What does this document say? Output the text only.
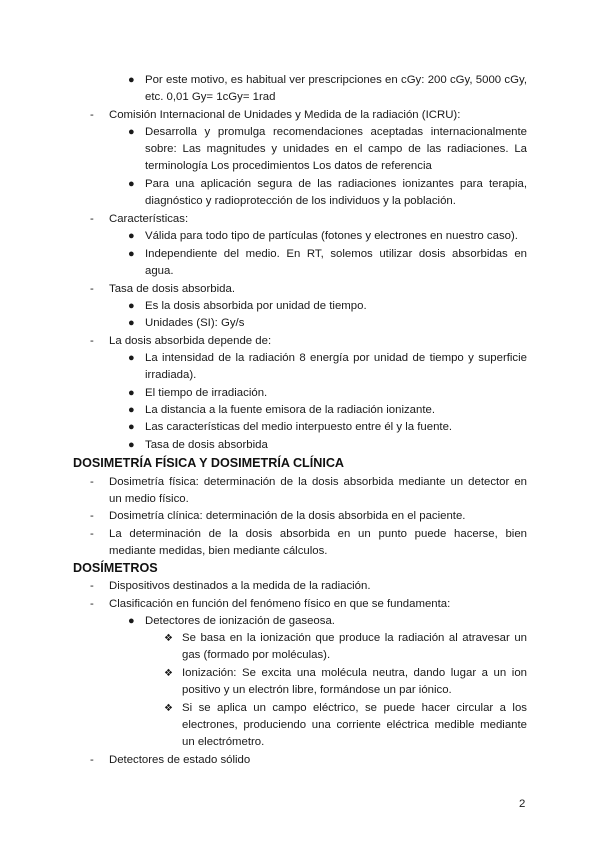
● Por este motivo, es habitual ver prescripciones en cGy: 200 cGy, 5000 cGy,
etc. 0,01 Gy= 1cGy= 1rad
- Comisión Internacional de Unidades y Medida de la radiación (ICRU):
● Desarrolla y promulga recomendaciones aceptadas internacionalmente
sobre: Las magnitudes y unidades en el campo de las radiaciones. La
terminología Los procedimientos Los datos de referencia
● Para una aplicación segura de las radiaciones ionizantes para terapia,
diagnóstico y radioprotección de los individuos y la población.
- Características:
● Válida para todo tipo de partículas (fotones y electrones en nuestro caso).
● Independiente del medio. En RT, solemos utilizar dosis absorbidas en
agua.
- Tasa de dosis absorbida.
● Es la dosis absorbida por unidad de tiempo.
● Unidades (SI): Gy/s
- La dosis absorbida depende de:
● La intensidad de la radiación 8 energía por unidad de tiempo y superficie
irradiada).
● El tiempo de irradiación.
● La distancia a la fuente emisora de la radiación ionizante.
● Las características del medio interpuesto entre él y la fuente.
● Tasa de dosis absorbida
DOSIMETRÍA FÍSICA Y DOSIMETRÍA CLÍNICA
- Dosimetría física: determinación de la dosis absorbida mediante un detector en
un medio físico.
- Dosimetría clínica: determinación de la dosis absorbida en el paciente.
- La determinación de la dosis absorbida en un punto puede hacerse, bien
mediante medidas, bien mediante cálculos.
DOSÍMETROS
- Dispositivos destinados a la medida de la radiación.
- Clasificación en función del fenómeno físico en que se fundamenta:
● Detectores de ionización de gaseosa.
❖ Se basa en la ionización que produce la radiación al atravesar un
gas (formado por moléculas).
❖ Ionización: Se excita una molécula neutra, dando lugar a un ion
positivo y un electrón libre, formándose un par iónico.
❖ Si se aplica un campo eléctrico, se puede hacer circular a los
electrones, produciendo una corriente eléctrica medible mediante
un electrómetro.
- Detectores de estado sólido
2
